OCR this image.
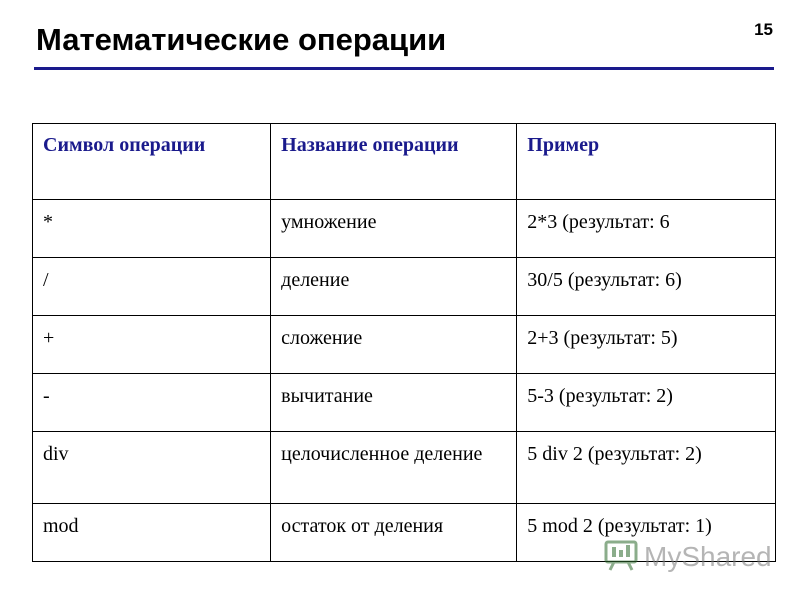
Математические операции	15
Символ операции	Название операции	Пример
*	умножение	2*3 (результат: 6
/	деление	30/5 (результат: 6)
+	сложение	2+3 (результат: 5)
-	вычитание	5-3 (результат: 2)
div	целочисленное деление	5 div 2 (результат: 2)
mod	остаток от деления	5 mod 2 (результат: 1)
MyShared
